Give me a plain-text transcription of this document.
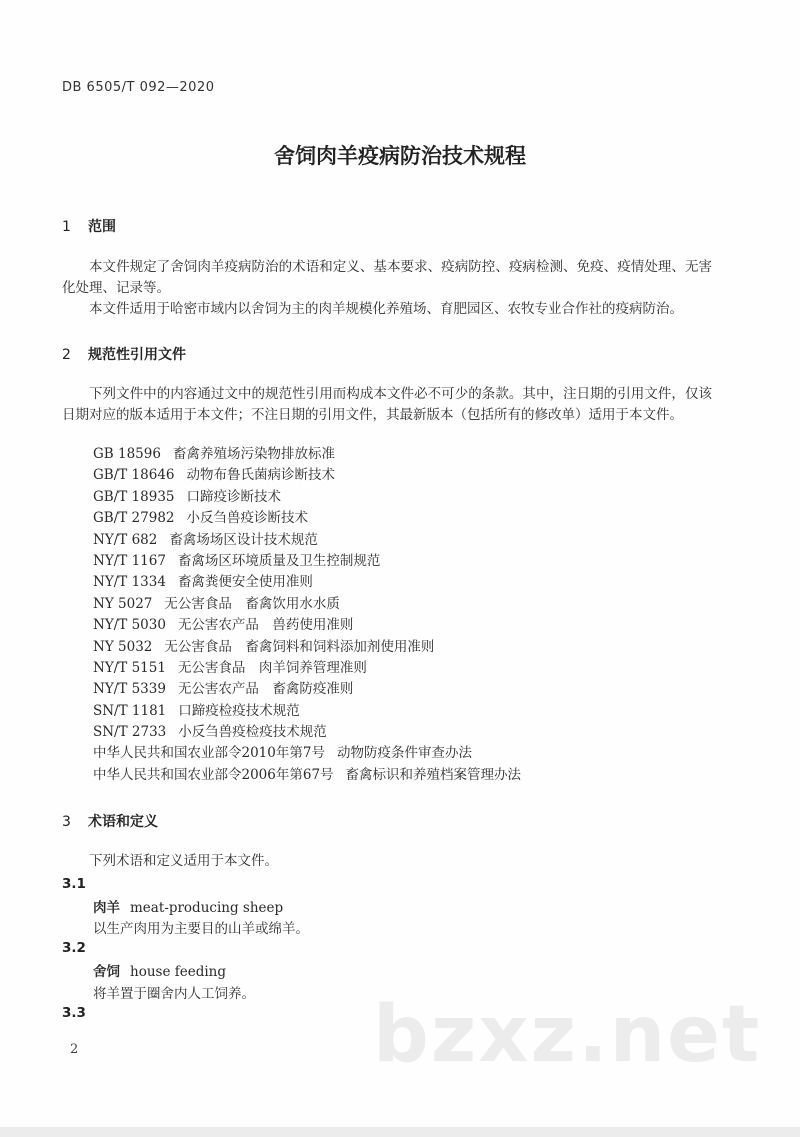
DB 6505/T 092—2020
舍饲肉羊疫病防治技术规程
1 范围
本文件规定了舍饲肉羊疫病防治的术语和定义、基本要求、疫病防控、疫病检测、免疫、疫情处理、无害化处理、记录等。
本文件适用于哈密市域内以舍饲为主的肉羊规模化养殖场、育肥园区、农牧专业合作社的疫病防治。
2 规范性引用文件
下列文件中的内容通过文中的规范性引用而构成本文件必不可少的条款。其中，注日期的引用文件，仅该日期对应的版本适用于本文件；不注日期的引用文件，其最新版本（包括所有的修改单）适用于本文件。
GB 18596 畜禽养殖场污染物排放标准
GB/T 18646 动物布鲁氏菌病诊断技术
GB/T 18935 口蹄疫诊断技术
GB/T 27982 小反刍兽疫诊断技术
NY/T 682 畜禽场场区设计技术规范
NY/T 1167 畜禽场区环境质量及卫生控制规范
NY/T 1334 畜禽粪便安全使用准则
NY 5027 无公害食品　畜禽饮用水水质
NY/T 5030 无公害农产品　兽药使用准则
NY 5032 无公害食品　畜禽饲料和饲料添加剂使用准则
NY/T 5151 无公害食品　肉羊饲养管理准则
NY/T 5339 无公害农产品　畜禽防疫准则
SN/T 1181 口蹄疫检疫技术规范
SN/T 2733 小反刍兽疫检疫技术规范
中华人民共和国农业部令2010年第7号 动物防疫条件审查办法
中华人民共和国农业部令2006年第67号 畜禽标识和养殖档案管理办法
3 术语和定义
下列术语和定义适用于本文件。
3.1
肉羊 meat-producing sheep
以生产肉用为主要目的山羊或绵羊。
3.2
舍饲 house feeding
将羊置于圈舍内人工饲养。
3.3	bzxz.net
2
